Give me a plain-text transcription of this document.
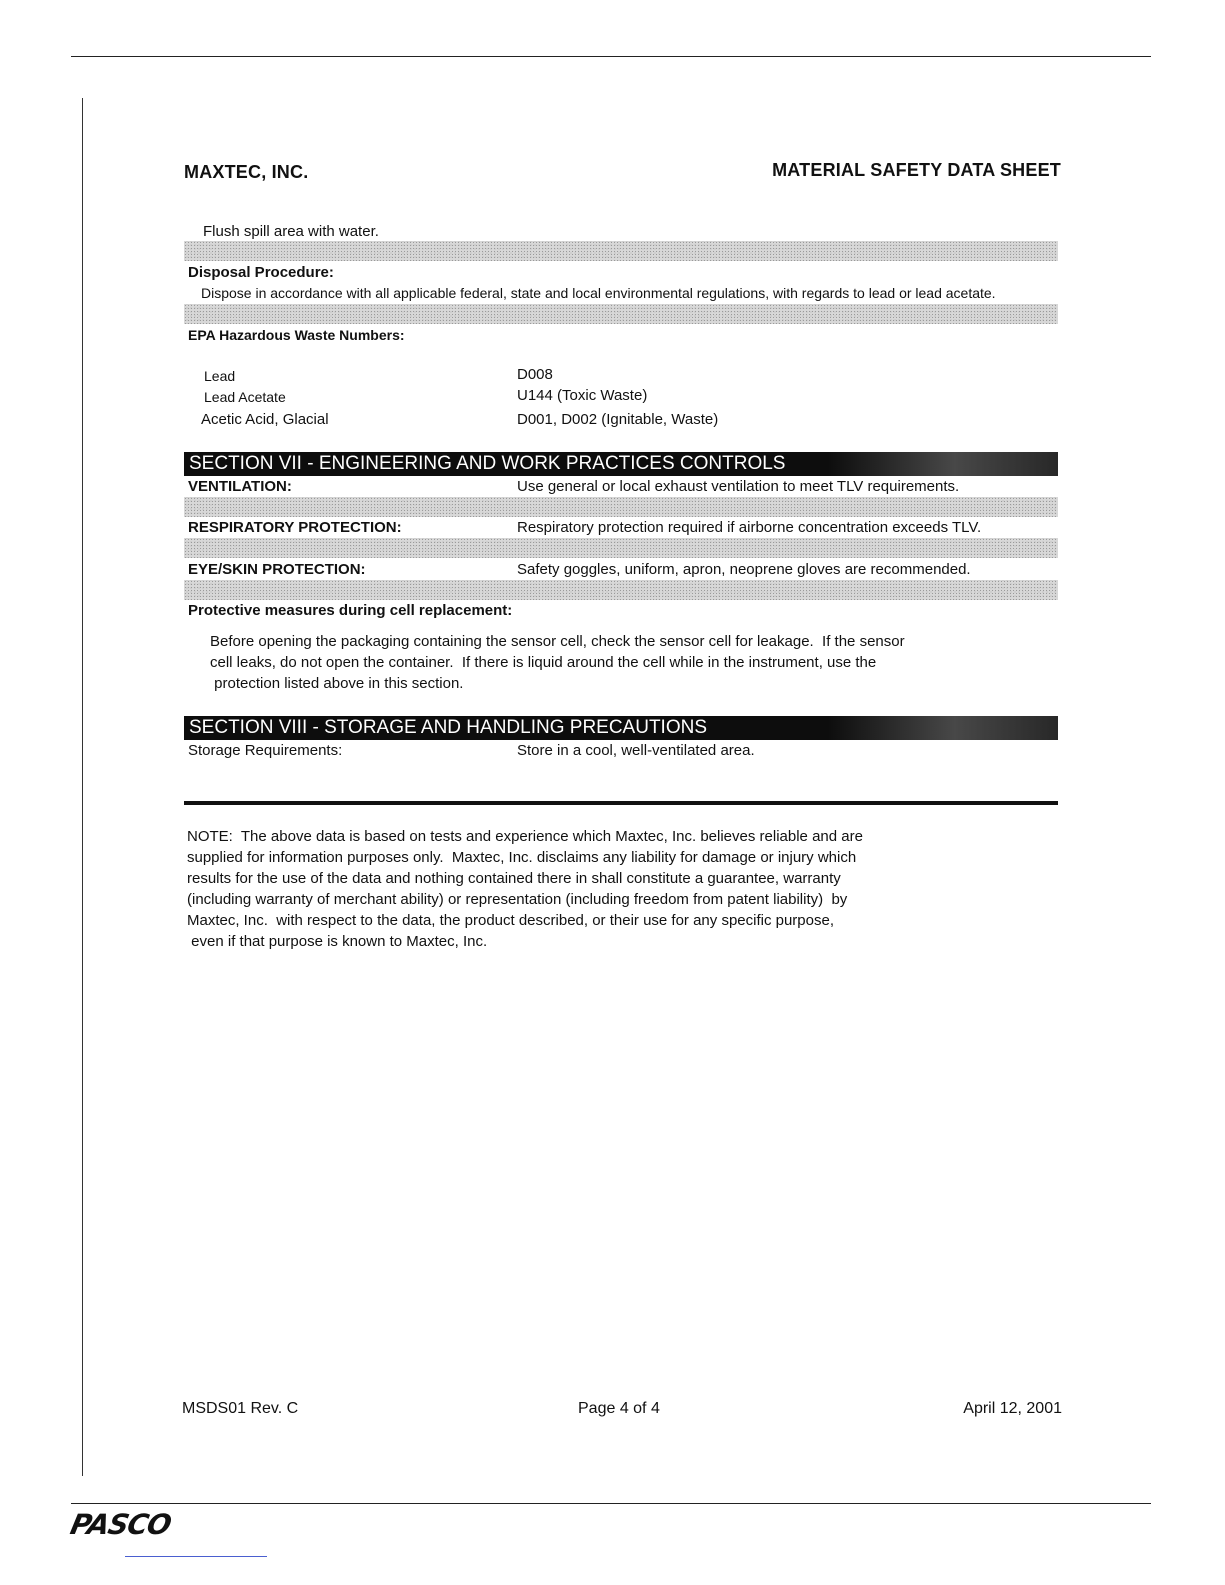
MAXTEC, INC.	MATERIAL SAFETY DATA SHEET
Flush spill area with water.
Disposal Procedure:
Dispose in accordance with all applicable federal, state and local environmental regulations, with regards to lead or lead acetate.
EPA Hazardous Waste Numbers:
Lead	D008
Lead Acetate	U144 (Toxic Waste)
Acetic Acid, Glacial	D001, D002 (Ignitable, Waste)
SECTION VII - ENGINEERING AND WORK PRACTICES CONTROLS
VENTILATION:	Use general or local exhaust ventilation to meet TLV requirements.
RESPIRATORY PROTECTION:	Respiratory protection required if airborne concentration exceeds TLV.
EYE/SKIN PROTECTION:	Safety goggles, uniform, apron, neoprene gloves are recommended.
Protective measures during cell replacement:
Before opening the packaging containing the sensor cell, check the sensor cell for leakage.  If the sensor
cell leaks, do not open the container.  If there is liquid around the cell while in the instrument, use the
protection listed above in this section.
SECTION VIII - STORAGE AND HANDLING PRECAUTIONS
Storage Requirements:	Store in a cool, well-ventilated area.
NOTE:  The above data is based on tests and experience which Maxtec, Inc. believes reliable and are
supplied for information purposes only.  Maxtec, Inc. disclaims any liability for damage or injury which
results for the use of the data and nothing contained there in shall constitute a guarantee, warranty
(including warranty of merchant ability) or representation (including freedom from patent liability)  by
Maxtec, Inc.  with respect to the data, the product described, or their use for any specific purpose,
even if that purpose is known to Maxtec, Inc.
MSDS01 Rev. C	Page 4 of 4	April 12, 2001
PASCO
